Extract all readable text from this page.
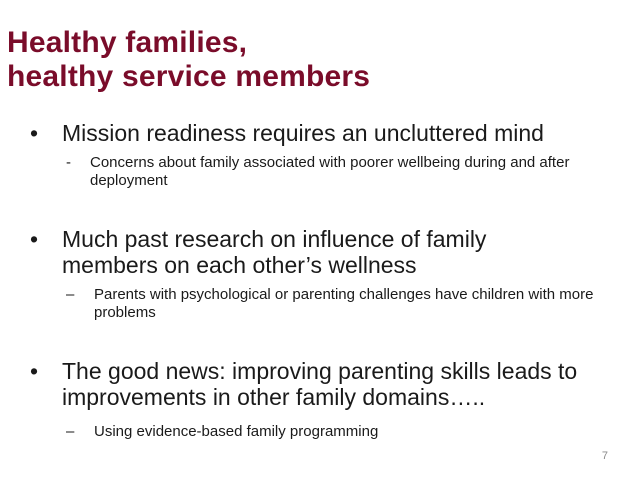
Healthy families,
healthy service members
• Mission readiness requires an uncluttered mind
- Concerns about family associated with poorer wellbeing during and after deployment
• Much past research on influence of family members on each other’s wellness
– Parents with psychological or parenting challenges have children with more problems
• The good news: improving parenting skills leads to improvements in other family domains…..
– Using evidence-based family programming
7
